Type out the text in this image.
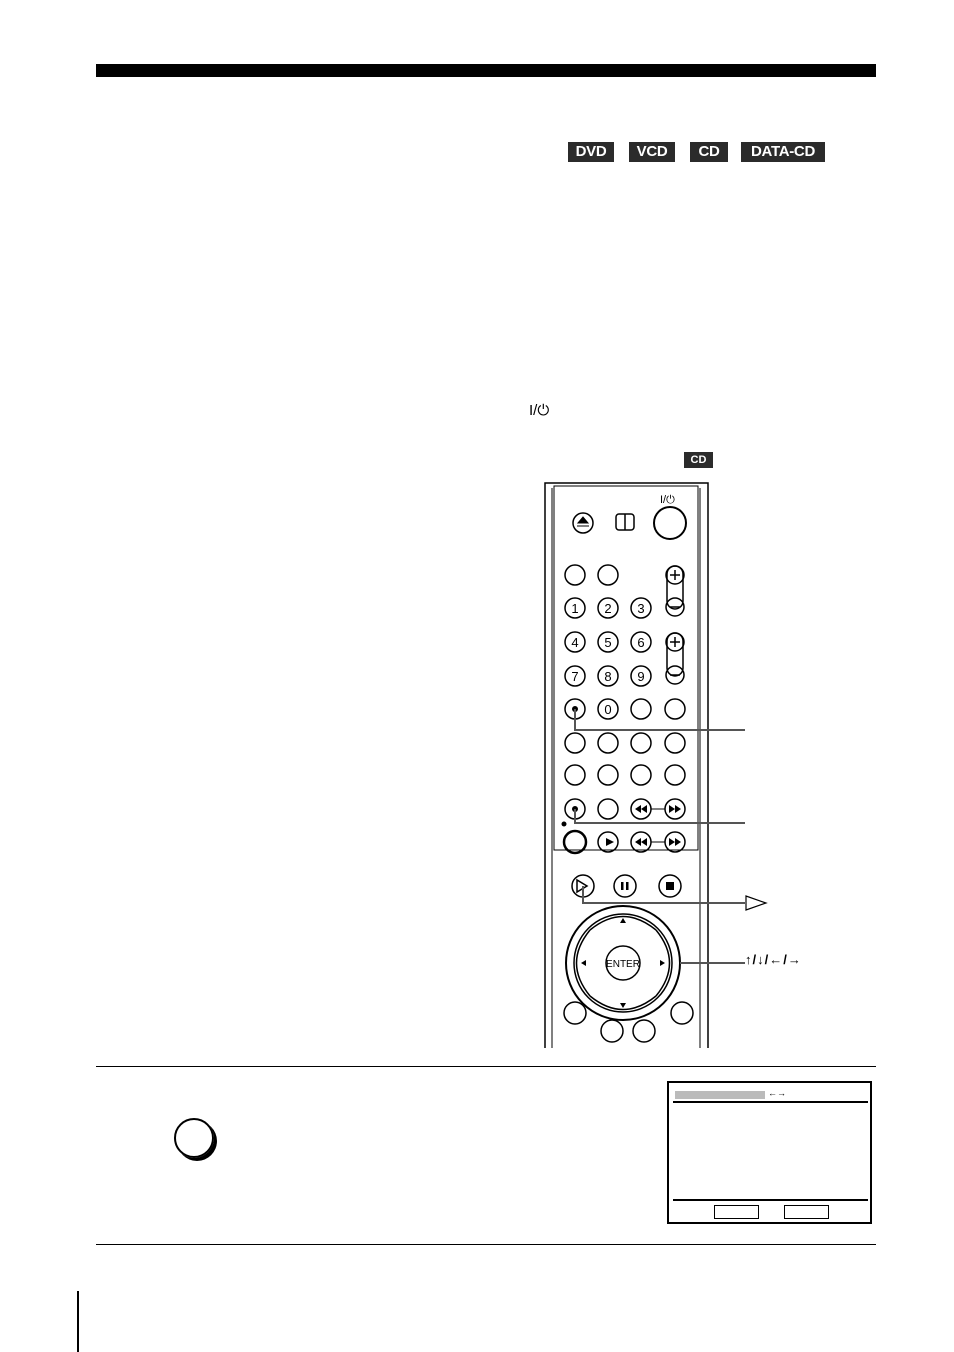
DVD	VCD	CD	DATA-CD
I/⏻
CD
I/⏻
1 2 3
4 5 6
7 8 9
0
ENTER	↑/↓/←/→
←→
